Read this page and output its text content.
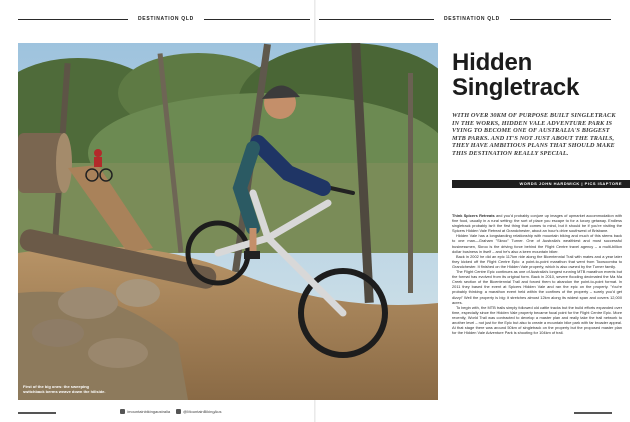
DESTINATION QLD	DESTINATION QLD
First of the big ones: the sweeping switchback berms weave down the hillside.
Hidden Singletrack
WITH OVER 30KM OF PURPOSE BUILT SINGLETRACK IN THE WORKS, HIDDEN VALE ADVENTURE PARK IS VYING TO BECOME ONE OF AUSTRALIA'S BIGGEST MTB PARKS. AND IT'S NOT JUST ABOUT THE TRAILS, THEY HAVE AMBITIOUS PLANS THAT SHOULD MAKE THIS DESTINATION REALLY SPECIAL.
WORDS JOHN HARDWICK | PICS ISAPTORE

Think Spicers Retreats and you'd probably conjure up images of upmarket accommodation with fine food, usually in a rural setting: the sort of place you escape to for a luxury getaway. Endless singletrack probably isn't the first thing that comes to mind, but it should be if you're visiting the Spicers Hidden Vale Retreat at Grandchester, about an hour's drive southwest of Brisbane.

Hidden Vale has a longstanding relationship with mountain biking and much of this stems back to one man—Graham "Skroo" Turner. One of Australia's wealthiest and most successful businessmen, Skroo is the driving force behind the Flight Centre travel agency – a multi-billion dollar business in itself – and he's also a keen mountain biker.

Back in 2002 he did an epic 117km ride along the Bicentennial Trail with mates and a year later they kicked off the Flight Centre Epic: a point-to-point marathon that went from Toowoomba to Grandchester. It finished on the Hidden Vale property, which is also owned by the Turner family.

The Flight Centre Epic continues as one of Australia's longest running MTB marathon events but the format has evolved from its original form. Back in 2010, severe flooding decimated the Ma Ma Creek section of the Bicentennial Trail and forced them to abandon the point-to-point format. In 2011 they based the event at Spicers Hidden Vale and ran the epic on the property. 'You're probably thinking: a marathon event held within the confines of the property – surely you'd get dizzy!' Well the property is big: it stretches almost 12km along its widest span and covers 12,000 acres.

To begin with, the MTB trails simply followed old cattle tracks but the build efforts expanded over time, especially since the Hidden Vale property became focal point for the Flight Centre Epic. More recently, World Trail was contracted to develop a master plan and really take the trail network to another level – not just for the Epic but also to create a mountain bike park with far broader appeal. At that stage there was around 50km of singletrack on the property but the proposed master plan for the Hidden Vale Adventure Park is shooting for 104km of trail.

/mountainbikingaustralia	@MountainBikingAus
